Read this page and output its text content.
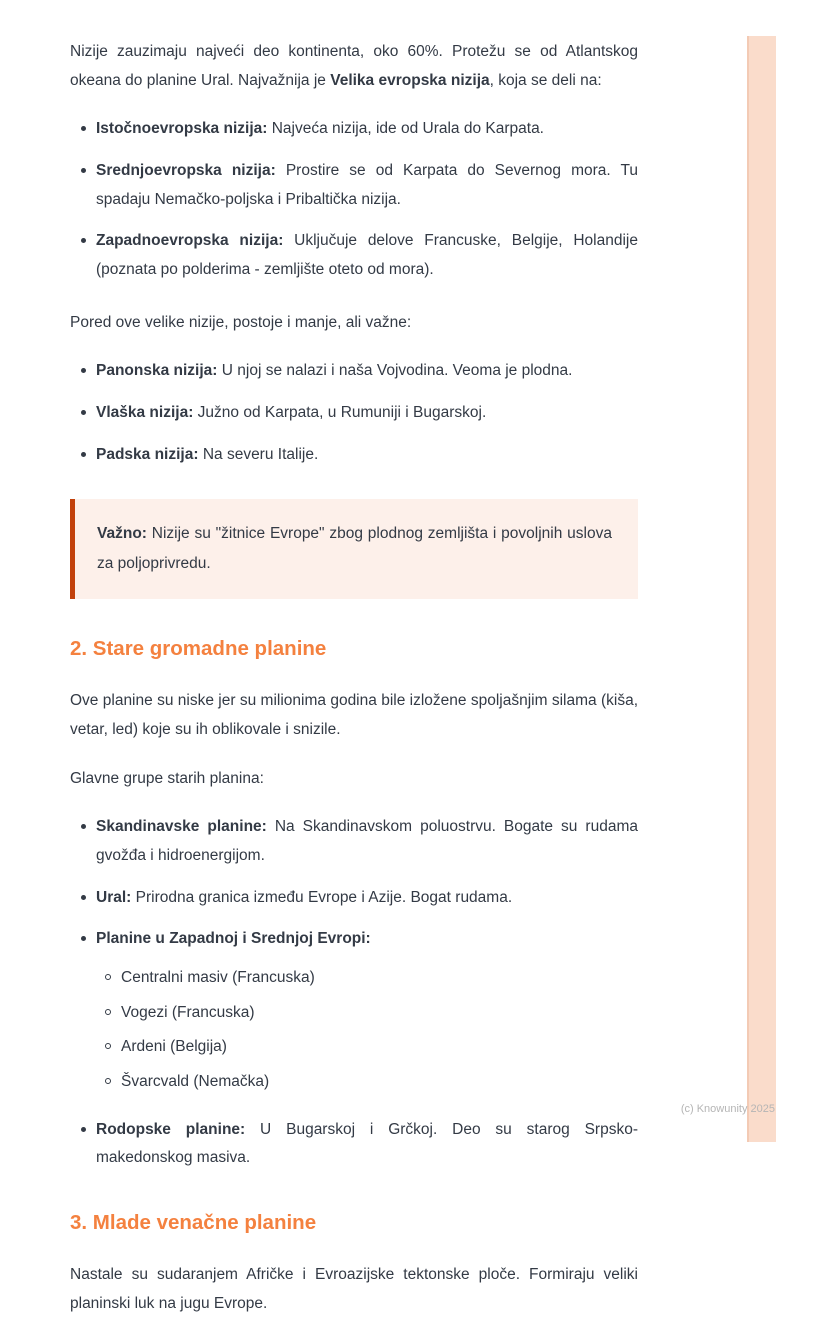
(c) Knowunity 2025

Nizije zauzimaju najveći deo kontinenta, oko 60%. Protežu se od Atlantskog okeana do planine Ural. Najvažnija je Velika evropska nizija, koja se deli na:

Istočnoevropska nizija: Najveća nizija, ide od Urala do Karpata.
Srednjoevropska nizija: Prostire se od Karpata do Severnog mora. Tu spadaju Nemačko-poljska i Pribaltička nizija.
Zapadnoevropska nizija: Uključuje delove Francuske, Belgije, Holandije (poznata po polderima - zemljište oteto od mora).

Pored ove velike nizije, postoje i manje, ali važne:

Panonska nizija: U njoj se nalazi i naša Vojvodina. Veoma je plodna.
Vlaška nizija: Južno od Karpata, u Rumuniji i Bugarskoj.
Padska nizija: Na severu Italije.

Važno: Nizije su "žitnice Evrope" zbog plodnog zemljišta i povoljnih uslova za poljoprivredu.

2. Stare gromadne planine

Ove planine su niske jer su milionima godina bile izložene spoljašnjim silama (kiša, vetar, led) koje su ih oblikovale i snizile.

Glavne grupe starih planina:

Skandinavske planine: Na Skandinavskom poluostrvu. Bogate su rudama gvožđa i hidroenergijom.
Ural: Prirodna granica između Evrope i Azije. Bogat rudama.
Planine u Zapadnoj i Srednjoj Evropi:
Centralni masiv (Francuska)
Vogezi (Francuska)
Ardeni (Belgija)
Švarcvald (Nemačka)
Rodopske planine: U Bugarskoj i Grčkoj. Deo su starog Srpsko-makedonskog masiva.
3. Mlade venačne planine

Nastale su sudaranjem Afričke i Evroazijske tektonske ploče. Formiraju veliki planinski luk na jugu Evrope.
